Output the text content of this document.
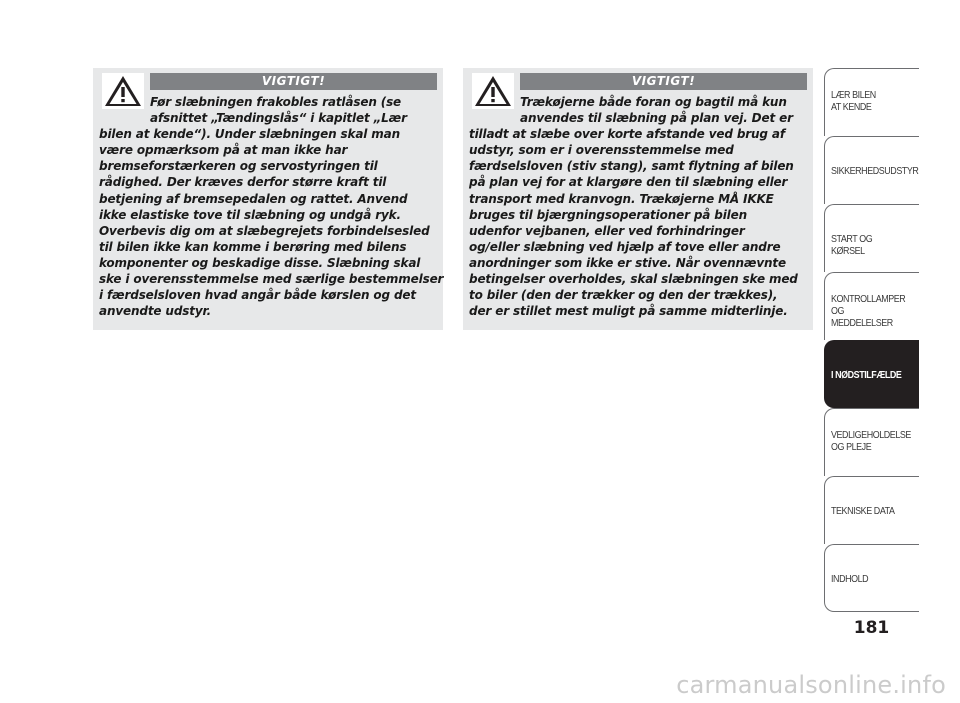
VIGTIGT!

Før slæbningen frakobles ratlåsen (se
afsnittet „Tændingslås“ i kapitlet „Lær
bilen at kende“). Under slæbningen skal man
være opmærksom på at man ikke har
bremseforstærkeren og servostyringen til
rådighed. Der kræves derfor større kraft til
betjening af bremsepedalen og rattet. Anvend
ikke elastiske tove til slæbning og undgå ryk.
Overbevis dig om at slæbegrejets forbindelsesled
til bilen ikke kan komme i berøring med bilens
komponenter og beskadige disse. Slæbning skal
ske i overensstemmelse med særlige bestemmelser
i færdselsloven hvad angår både kørslen og det
anvendte udstyr.

VIGTIGT!

Trækøjerne både foran og bagtil må kun
anvendes til slæbning på plan vej. Det er
tilladt at slæbe over korte afstande ved brug af
udstyr, som er i overensstemmelse med
færdselsloven (stiv stang), samt flytning af bilen
på plan vej for at klargøre den til slæbning eller
transport med kranvogn. Trækøjerne MÅ IKKE
bruges til bjærgningsoperationer på bilen
udenfor vejbanen, eller ved forhindringer
og/eller slæbning ved hjælp af tove eller andre
anordninger som ikke er stive. Når ovennævnte
betingelser overholdes, skal slæbningen ske med
to biler (den der trækker og den der trækkes),
der er stillet mest muligt på samme midterlinje.

LÆR BILEN
AT KENDE
SIKKERHEDSUDSTYR
START OG KØRSEL
KONTROLLAMPER
OG MEDDELELSER
I NØDSTILFÆLDE
VEDLIGEHOLDELSE
OG PLEJE
TEKNISKE DATA
INDHOLD
181
carmanualsonline.info
